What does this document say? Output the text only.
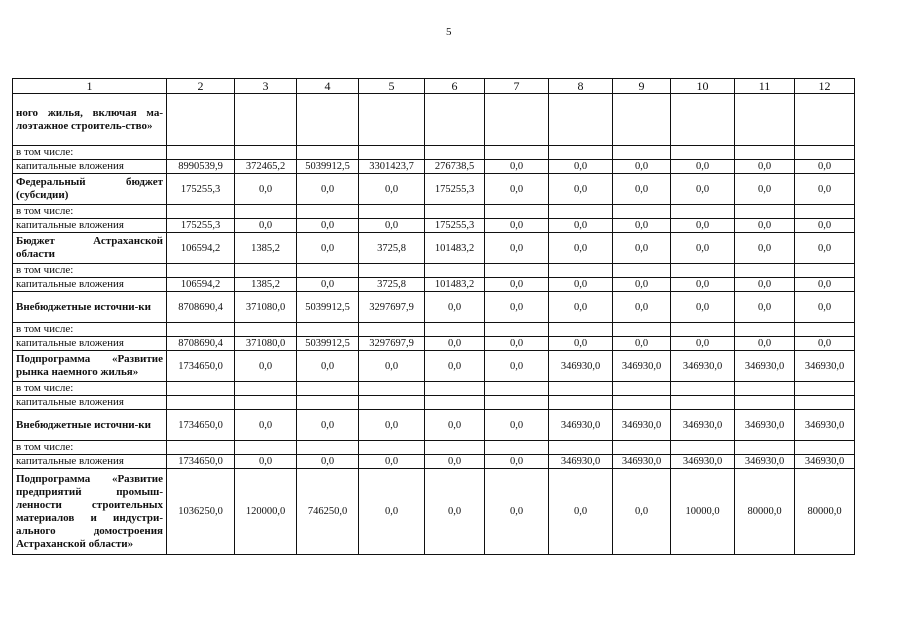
5
1	2	3	4	5	6	7	8	9	10	11	12
ного жилья, включая ма-лоэтажное строитель-ство»											
в том числе:											
капитальные вложения	8990539,9	372465,2	5039912,5	3301423,7	276738,5	0,0	0,0	0,0	0,0	0,0	0,0
Федеральный бюджет (субсидии)	175255,3	0,0	0,0	0,0	175255,3	0,0	0,0	0,0	0,0	0,0	0,0
в том числе:											
капитальные вложения	175255,3	0,0	0,0	0,0	175255,3	0,0	0,0	0,0	0,0	0,0	0,0
Бюджет Астраханской области	106594,2	1385,2	0,0	3725,8	101483,2	0,0	0,0	0,0	0,0	0,0	0,0
в том числе:											
капитальные вложения	106594,2	1385,2	0,0	3725,8	101483,2	0,0	0,0	0,0	0,0	0,0	0,0
Внебюджетные источни-ки	8708690,4	371080,0	5039912,5	3297697,9	0,0	0,0	0,0	0,0	0,0	0,0	0,0
в том числе:											
капитальные вложения	8708690,4	371080,0	5039912,5	3297697,9	0,0	0,0	0,0	0,0	0,0	0,0	0,0
Подпрограмма «Развитие рынка наемного жилья»	1734650,0	0,0	0,0	0,0	0,0	0,0	346930,0	346930,0	346930,0	346930,0	346930,0
в том числе:											
капитальные вложения											
Внебюджетные источни-ки	1734650,0	0,0	0,0	0,0	0,0	0,0	346930,0	346930,0	346930,0	346930,0	346930,0
в том числе:											
капитальные вложения	1734650,0	0,0	0,0	0,0	0,0	0,0	346930,0	346930,0	346930,0	346930,0	346930,0
Подпрограмма «Развитие предприятий промыш-ленности строительных материалов и индустри-ального домостроения Астраханской области»	1036250,0	120000,0	746250,0	0,0	0,0	0,0	0,0	0,0	10000,0	80000,0	80000,0
